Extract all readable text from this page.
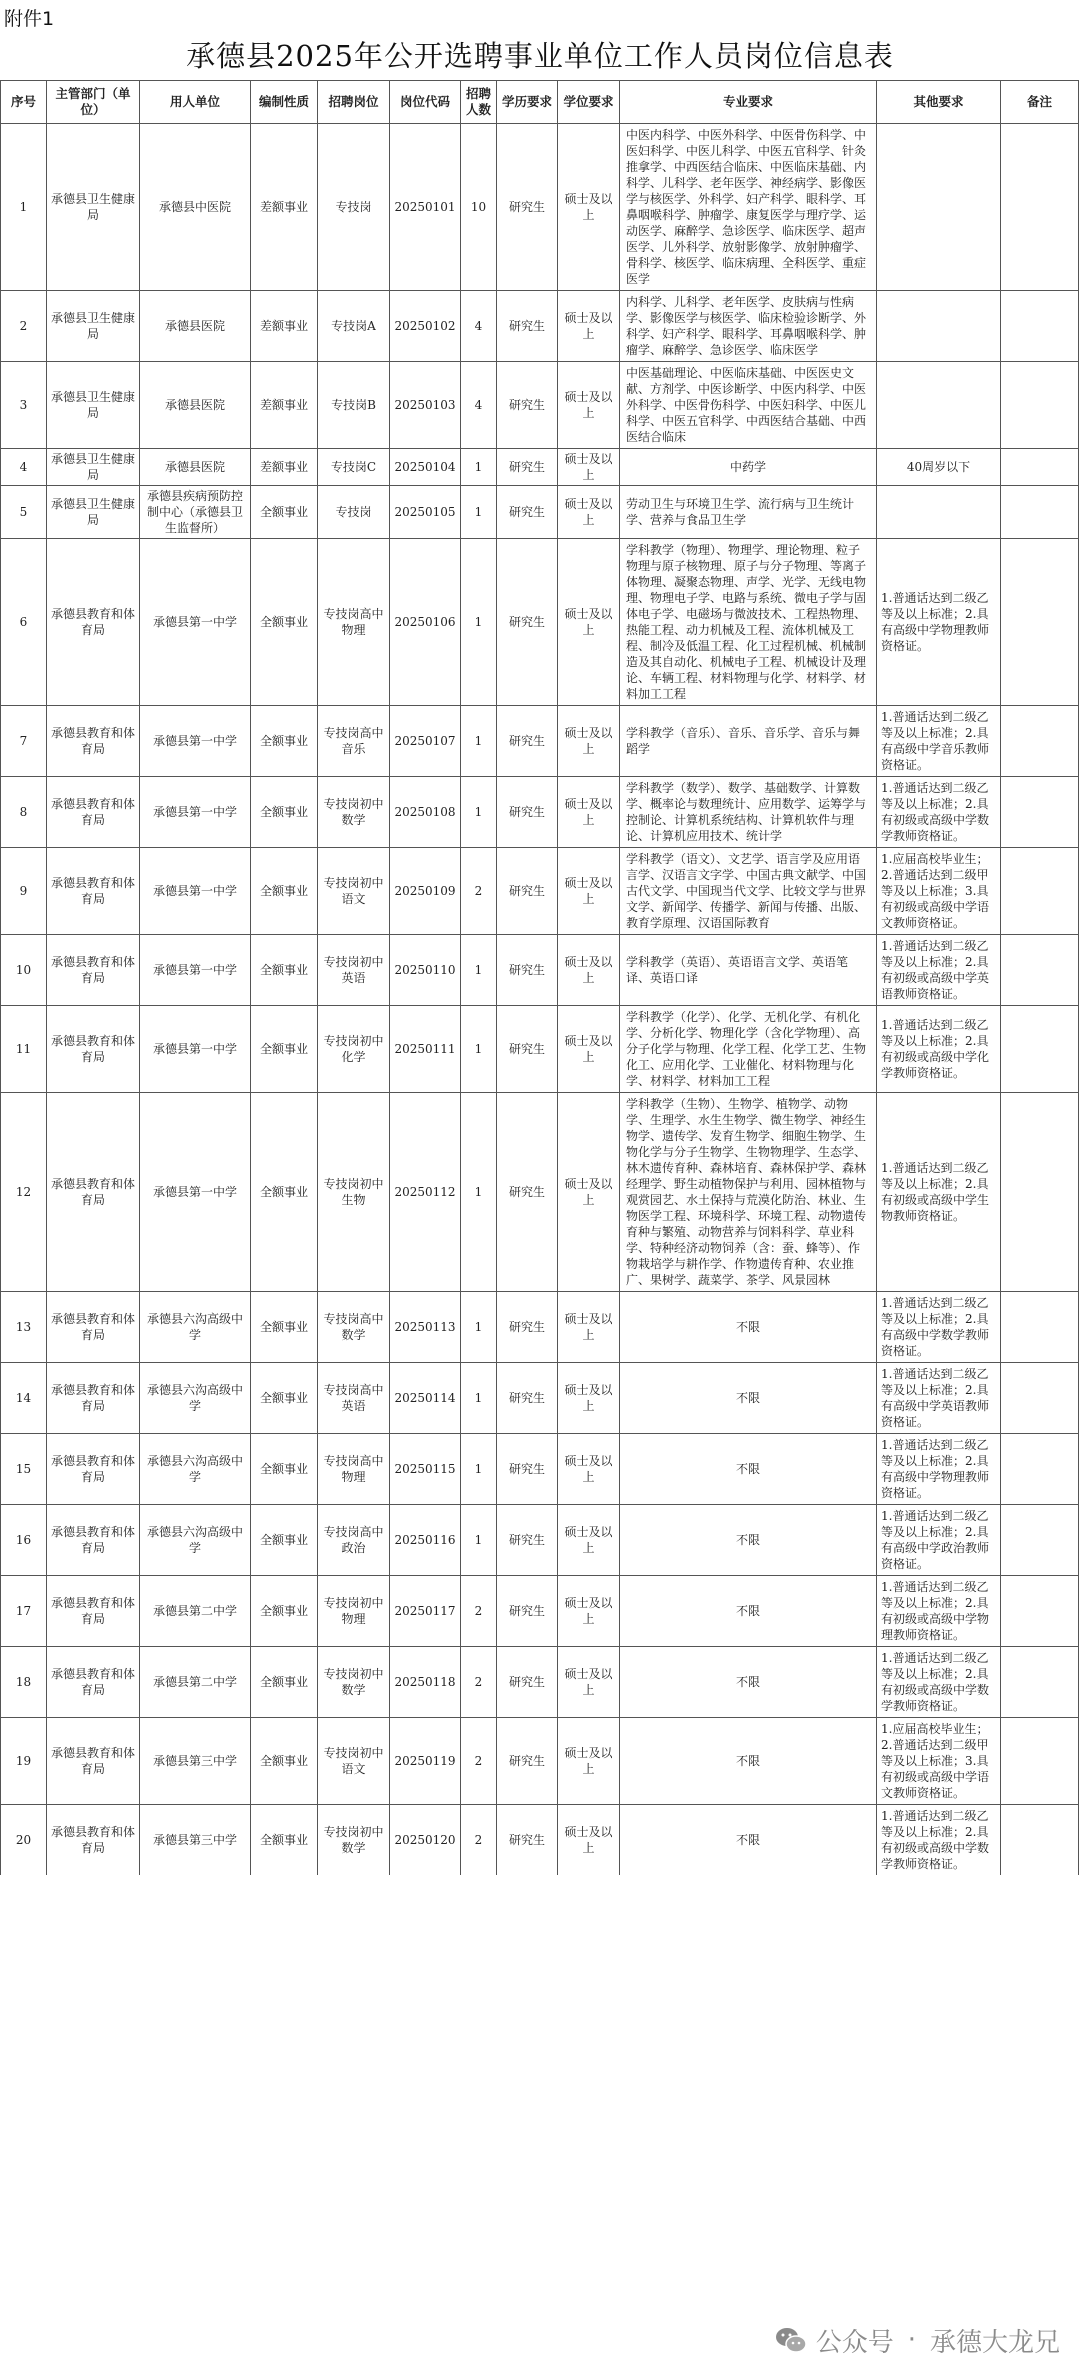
附件1
承德县2025年公开选聘事业单位工作人员岗位信息表
序号	主管部门（单位）	用人单位	编制性质	招聘岗位	岗位代码	招聘人数	学历要求	学位要求	专业要求	其他要求	备注
1	承德县卫生健康局	承德县中医院	差额事业	专技岗	20250101	10	研究生	硕士及以上	中医内科学、中医外科学、中医骨伤科学、中医妇科学、中医儿科学、中医五官科学、针灸推拿学、中西医结合临床、中医临床基础、内科学、儿科学、老年医学、神经病学、影像医学与核医学、外科学、妇产科学、眼科学、耳鼻咽喉科学、肿瘤学、康复医学与理疗学、运动医学、麻醉学、急诊医学、临床医学、超声医学、儿外科学、放射影像学、放射肿瘤学、骨科学、核医学、临床病理、全科医学、重症医学		
2	承德县卫生健康局	承德县医院	差额事业	专技岗A	20250102	4	研究生	硕士及以上	内科学、儿科学、老年医学、皮肤病与性病学、影像医学与核医学、临床检验诊断学、外科学、妇产科学、眼科学、耳鼻咽喉科学、肿瘤学、麻醉学、急诊医学、临床医学		
3	承德县卫生健康局	承德县医院	差额事业	专技岗B	20250103	4	研究生	硕士及以上	中医基础理论、中医临床基础、中医医史文献、方剂学、中医诊断学、中医内科学、中医外科学、中医骨伤科学、中医妇科学、中医儿科学、中医五官科学、中西医结合基础、中西医结合临床		
4	承德县卫生健康局	承德县医院	差额事业	专技岗C	20250104	1	研究生	硕士及以上	中药学	40周岁以下	
5	承德县卫生健康局	承德县疾病预防控制中心（承德县卫生监督所）	全额事业	专技岗	20250105	1	研究生	硕士及以上	劳动卫生与环境卫生学、流行病与卫生统计学、营养与食品卫生学		
6	承德县教育和体育局	承德县第一中学	全额事业	专技岗高中物理	20250106	1	研究生	硕士及以上	学科教学（物理）、物理学、理论物理、粒子物理与原子核物理、原子与分子物理、等离子体物理、凝聚态物理、声学、光学、无线电物理、物理电子学、电路与系统、微电子学与固体电子学、电磁场与微波技术、工程热物理、热能工程、动力机械及工程、流体机械及工程、制冷及低温工程、化工过程机械、机械制造及其自动化、机械电子工程、机械设计及理论、车辆工程、材料物理与化学、材料学、材料加工工程	1.普通话达到二级乙等及以上标准；2.具有高级中学物理教师资格证。	
7	承德县教育和体育局	承德县第一中学	全额事业	专技岗高中音乐	20250107	1	研究生	硕士及以上	学科教学（音乐）、音乐、音乐学、音乐与舞蹈学	1.普通话达到二级乙等及以上标准；2.具有高级中学音乐教师资格证。	
8	承德县教育和体育局	承德县第一中学	全额事业	专技岗初中数学	20250108	1	研究生	硕士及以上	学科教学（数学）、数学、基础数学、计算数学、概率论与数理统计、应用数学、运筹学与控制论、计算机系统结构、计算机软件与理论、计算机应用技术、统计学	1.普通话达到二级乙等及以上标准；2.具有初级或高级中学数学教师资格证。	
9	承德县教育和体育局	承德县第一中学	全额事业	专技岗初中语文	20250109	2	研究生	硕士及以上	学科教学（语文）、文艺学、语言学及应用语言学、汉语言文字学、中国古典文献学、中国古代文学、中国现当代文学、比较文学与世界文学、新闻学、传播学、新闻与传播、出版、教育学原理、汉语国际教育	1.应届高校毕业生；2.普通话达到二级甲等及以上标准；3.具有初级或高级中学语文教师资格证。	
10	承德县教育和体育局	承德县第一中学	全额事业	专技岗初中英语	20250110	1	研究生	硕士及以上	学科教学（英语）、英语语言文学、英语笔译、英语口译	1.普通话达到二级乙等及以上标准；2.具有初级或高级中学英语教师资格证。	
11	承德县教育和体育局	承德县第一中学	全额事业	专技岗初中化学	20250111	1	研究生	硕士及以上	学科教学（化学）、化学、无机化学、有机化学、分析化学、物理化学（含化学物理）、高分子化学与物理、化学工程、化学工艺、生物化工、应用化学、工业催化、材料物理与化学、材料学、材料加工工程	1.普通话达到二级乙等及以上标准；2.具有初级或高级中学化学教师资格证。	
12	承德县教育和体育局	承德县第一中学	全额事业	专技岗初中生物	20250112	1	研究生	硕士及以上	学科教学（生物）、生物学、植物学、动物学、生理学、水生生物学、微生物学、神经生物学、遗传学、发育生物学、细胞生物学、生物化学与分子生物学、生物物理学、生态学、林木遗传育种、森林培育、森林保护学、森林经理学、野生动植物保护与利用、园林植物与观赏园艺、水土保持与荒漠化防治、林业、生物医学工程、环境科学、环境工程、动物遗传育种与繁殖、动物营养与饲料科学、草业科学、特种经济动物饲养（含：蚕、蜂等）、作物栽培学与耕作学、作物遗传育种、农业推广、果树学、蔬菜学、茶学、风景园林	1.普通话达到二级乙等及以上标准；2.具有初级或高级中学生物教师资格证。	
13	承德县教育和体育局	承德县六沟高级中学	全额事业	专技岗高中数学	20250113	1	研究生	硕士及以上	不限	1.普通话达到二级乙等及以上标准；2.具有高级中学数学教师资格证。	
14	承德县教育和体育局	承德县六沟高级中学	全额事业	专技岗高中英语	20250114	1	研究生	硕士及以上	不限	1.普通话达到二级乙等及以上标准；2.具有高级中学英语教师资格证。	
15	承德县教育和体育局	承德县六沟高级中学	全额事业	专技岗高中物理	20250115	1	研究生	硕士及以上	不限	1.普通话达到二级乙等及以上标准；2.具有高级中学物理教师资格证。	
16	承德县教育和体育局	承德县六沟高级中学	全额事业	专技岗高中政治	20250116	1	研究生	硕士及以上	不限	1.普通话达到二级乙等及以上标准；2.具有高级中学政治教师资格证。	
17	承德县教育和体育局	承德县第二中学	全额事业	专技岗初中物理	20250117	2	研究生	硕士及以上	不限	1.普通话达到二级乙等及以上标准；2.具有初级或高级中学物理教师资格证。	
18	承德县教育和体育局	承德县第二中学	全额事业	专技岗初中数学	20250118	2	研究生	硕士及以上	不限	1.普通话达到二级乙等及以上标准；2.具有初级或高级中学数学教师资格证。	
19	承德县教育和体育局	承德县第三中学	全额事业	专技岗初中语文	20250119	2	研究生	硕士及以上	不限	1.应届高校毕业生；2.普通话达到二级甲等及以上标准；3.具有初级或高级中学语文教师资格证。	
20	承德县教育和体育局	承德县第三中学	全额事业	专技岗初中数学	20250120	2	研究生	硕士及以上	不限	1.普通话达到二级乙等及以上标准；2.具有初级或高级中学数学教师资格证。	
公众号 · 承德大龙兄
